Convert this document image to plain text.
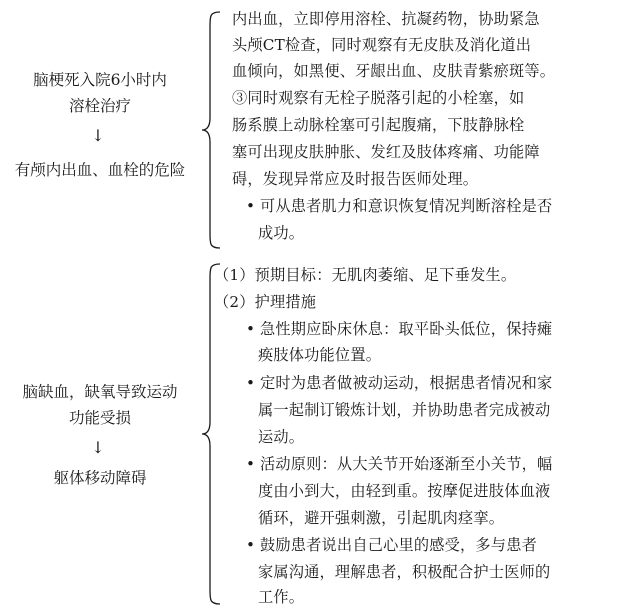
脑梗死入院6小时内
溶栓治疗
↓
有颅内出血、血栓的危险
内出血，立即停用溶栓、抗凝药物，协助紧急
头颅CT检查，同时观察有无皮肤及消化道出
血倾向，如黑便、牙龈出血、皮肤青紫瘀斑等。
③同时观察有无栓子脱落引起的小栓塞，如
肠系膜上动脉栓塞可引起腹痛，下肢静脉栓
塞可出现皮肤肿胀、发红及肢体疼痛、功能障
碍，发现异常应及时报告医师处理。
• 可从患者肌力和意识恢复情况判断溶栓是否
成功。
脑缺血，缺氧导致运动
功能受损
↓
躯体移动障碍
（1）预期目标：无肌肉萎缩、足下垂发生。
（2）护理措施
• 急性期应卧床休息：取平卧头低位，保持瘫
痪肢体功能位置。
• 定时为患者做被动运动，根据患者情况和家
属一起制订锻炼计划，并协助患者完成被动
运动。
• 活动原则：从大关节开始逐渐至小关节，幅
度由小到大，由轻到重。按摩促进肢体血液
循环，避开强刺激，引起肌肉痉挛。
• 鼓励患者说出自己心里的感受，多与患者
家属沟通，理解患者，积极配合护士医师的
工作。
